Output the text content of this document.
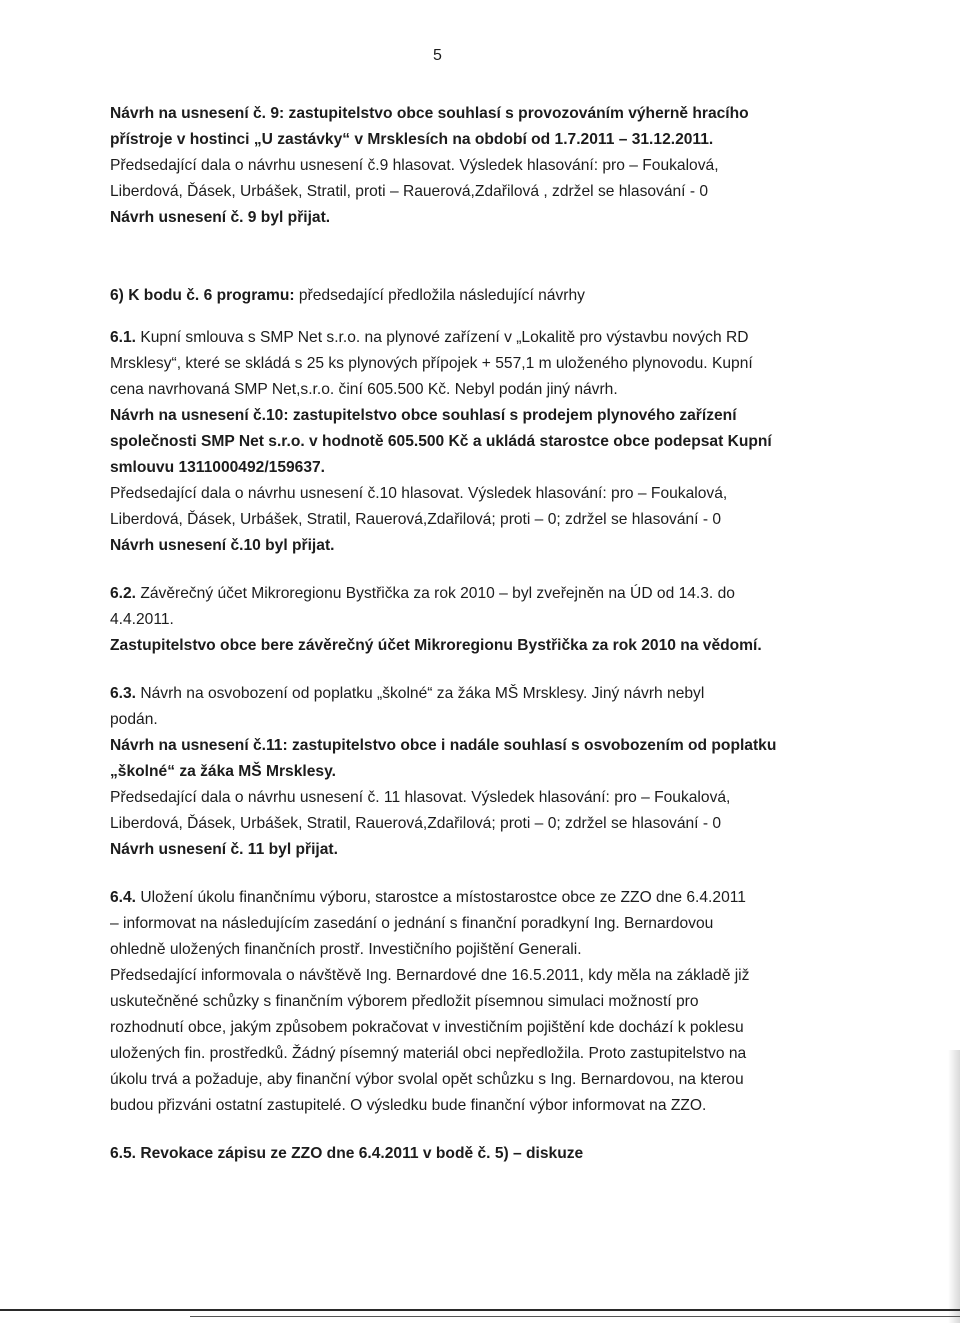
5

Návrh na usnesení č. 9: zastupitelstvo obce souhlasí s provozováním výherně hracího

přístroje v hostinci „U zastávky“ v Mrsklesích na období od 1.7.2011 – 31.12.2011.

Předsedající dala o návrhu usnesení č.9 hlasovat. Výsledek hlasování: pro – Foukalová,

Liberdová, Ďásek, Urbášek, Stratil, proti – Rauerová,Zdařilová , zdržel se hlasování - 0

Návrh usnesení č. 9 byl přijat.

6) K bodu č. 6 programu: předsedající předložila následující návrhy

6.1. Kupní smlouva s SMP Net s.r.o. na plynové zařízení v „Lokalitě pro výstavbu nových RD

Mrsklesy“, které se skládá s 25 ks plynových přípojek + 557,1 m uloženého plynovodu. Kupní

cena navrhovaná SMP Net,s.r.o. činí 605.500 Kč. Nebyl podán jiný návrh.

Návrh na usnesení č.10: zastupitelstvo obce souhlasí s prodejem plynového zařízení

společnosti SMP Net s.r.o. v hodnotě 605.500 Kč a ukládá starostce obce podepsat Kupní

smlouvu 1311000492/159637.

Předsedající dala o návrhu usnesení č.10 hlasovat. Výsledek hlasování: pro – Foukalová,

Liberdová, Ďásek, Urbášek, Stratil, Rauerová,Zdařilová; proti – 0; zdržel se hlasování - 0

Návrh usnesení č.10 byl přijat.

6.2. Závěrečný účet Mikroregionu Bystřička za rok 2010 – byl zveřejněn na ÚD od 14.3. do

4.4.2011.

Zastupitelstvo obce bere závěrečný účet Mikroregionu Bystřička za rok 2010 na vědomí.

6.3. Návrh na osvobození od poplatku „školné“ za žáka MŠ Mrsklesy. Jiný návrh nebyl

podán.

Návrh na usnesení č.11: zastupitelstvo obce i nadále souhlasí s osvobozením od poplatku

„školné“ za žáka MŠ Mrsklesy.

Předsedající dala o návrhu usnesení č. 11 hlasovat. Výsledek hlasování: pro – Foukalová,

Liberdová, Ďásek, Urbášek, Stratil, Rauerová,Zdařilová; proti – 0; zdržel se hlasování - 0

Návrh usnesení č. 11 byl přijat.

6.4. Uložení úkolu finančnímu výboru, starostce a místostarostce obce ze ZZO dne 6.4.2011

– informovat na následujícím zasedání o jednání s finanční poradkyní Ing. Bernardovou

ohledně uložených finančních prostř. Investičního pojištění Generali.

Předsedající informovala o návštěvě Ing. Bernardové dne 16.5.2011, kdy měla na základě již

uskutečněné schůzky s finančním výborem předložit písemnou simulaci možností pro

rozhodnutí obce, jakým způsobem pokračovat v investičním pojištění kde dochází k poklesu

uložených fin. prostředků. Žádný písemný materiál obci nepředložila. Proto zastupitelstvo na

úkolu trvá a požaduje, aby finanční výbor svolal opět schůzku s Ing. Bernardovou, na kterou

budou přizváni ostatní zastupitelé. O výsledku bude finanční výbor informovat na ZZO.

6.5. Revokace zápisu ze ZZO dne 6.4.2011 v bodě č. 5) – diskuze
